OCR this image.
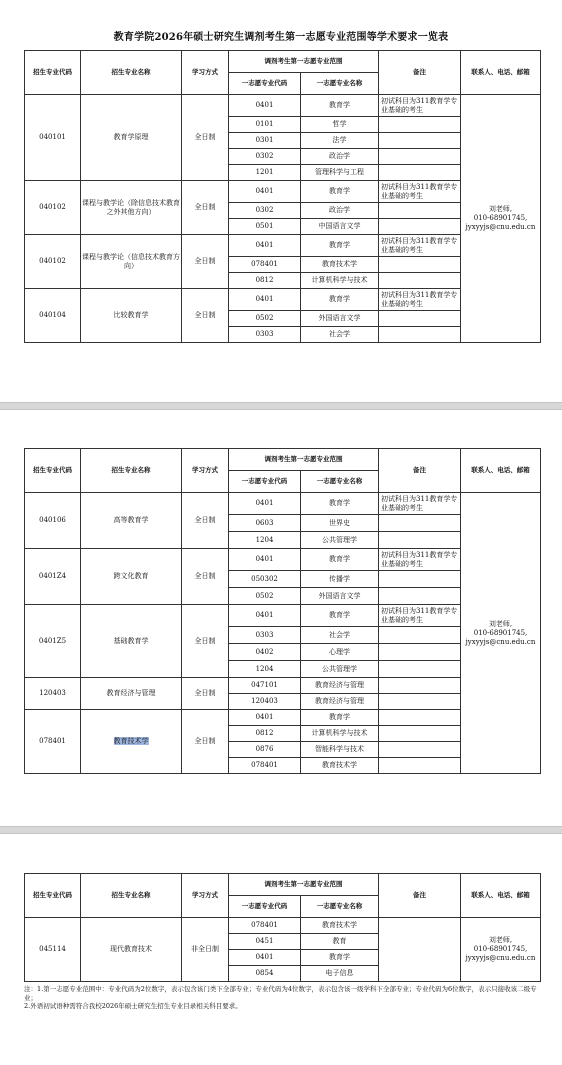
教育学院2026年硕士研究生调剂考生第一志愿专业范围等学术要求一览表
招生专业代码	招生专业名称	学习方式	调剂考生第一志愿专业范围		备注	联系人、电话、邮箱
			一志愿专业代码	一志愿专业名称		
040101	教育学原理	全日制	0401	教育学	初试科目为311教育学专业基础的考生	刘老师,
010-68901745,
jyxyyjs@cnu.edu.cn
			0101	哲学		
			0301	法学		
			0302	政治学		
			1201	管理科学与工程		
040102	课程与教学论（除信息技术教育之外其他方向）	全日制	0401	教育学	初试科目为311教育学专业基础的考生	
			0302	政治学		
			0501	中国语言文学		
040102	课程与教学论（信息技术教育方向）	全日制	0401	教育学	初试科目为311教育学专业基础的考生	
			078401	教育技术学		
			0812	计算机科学与技术		
040104	比较教育学	全日制	0401	教育学	初试科目为311教育学专业基础的考生	
			0502	外国语言文学		
			0303	社会学		
招生专业代码	招生专业名称	学习方式	调剂考生第一志愿专业范围		备注	联系人、电话、邮箱
			一志愿专业代码	一志愿专业名称		
040106	高等教育学	全日制	0401	教育学	初试科目为311教育学专业基础的考生	刘老师,
010-68901745,
jyxyyjs@cnu.edu.cn
			0603	世界史		
			1204	公共管理学		
0401Z4	跨文化教育	全日制	0401	教育学	初试科目为311教育学专业基础的考生	
			050302	传播学		
			0502	外国语言文学		
0401Z5	基础教育学	全日制	0401	教育学	初试科目为311教育学专业基础的考生	
			0303	社会学		
			0402	心理学		
			1204	公共管理学		
120403	教育经济与管理	全日制	047101	教育经济与管理		
			120403	教育经济与管理		
078401	教育技术学	全日制	0401	教育学		
			0812	计算机科学与技术		
			0876	智能科学与技术		
			078401	教育技术学		
招生专业代码	招生专业名称	学习方式	调剂考生第一志愿专业范围		备注	联系人、电话、邮箱
			一志愿专业代码	一志愿专业名称		
045114	现代教育技术	非全日制	078401	教育技术学		刘老师,
010-68901745,
jyxyyjs@cnu.edu.cn
			0451	教育		
			0401	教育学		
			0854	电子信息		
注：1.第一志愿专业范围中：专业代码为2位数字，表示包含该门类下全部专业；专业代码为4位数字，表示包含该一级学科下全部专业；专业代码为6位数字，表示只接收该二级专业；
2.外语初试语种需符合我校2026年硕士研究生招生专业目录相关科目要求。
